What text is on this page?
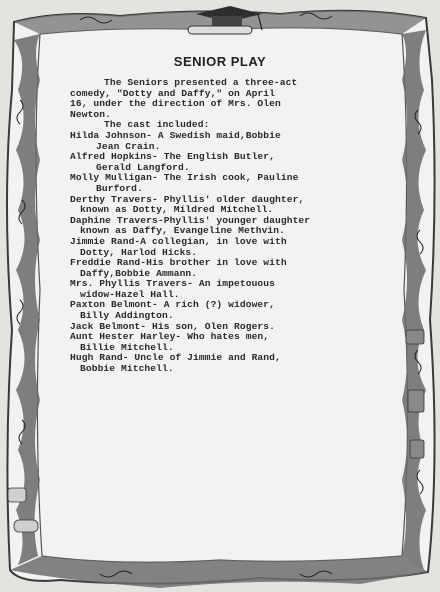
SENIOR PLAY
The Seniors presented a three-act
comedy, "Dotty and Daffy," on April
16, under the direction of Mrs. Olen
Newton.
The cast included:
Hilda Johnson- A Swedish maid,Bobbie
Jean Crain.
Alfred Hopkins- The English Butler,
Gerald Langford.
Molly Mulligan- The Irish cook, Pauline
Burford.
Derthy Travers- Phyllis' older daughter,
known as Dotty, Mildred Mitchell.
Daphine Travers-Phyllis' younger daughter
known as Daffy, Evangeline Methvin.
Jimmie Rand-A collegian, in love with
Dotty, Harlod Hicks.
Freddie Rand-His brother in love with
Daffy,Bobbie Ammann.
Mrs. Phyllis Travers- An impetouous
widow-Hazel Hall.
Paxton Belmont- A rich (?) widower,
Billy Addington.
Jack Belmont- His son, Olen Rogers.
Aunt Hester Harley- Who hates men,
Billie Mitchell.
Hugh Rand- Uncle of Jimmie and Rand,
Bobbie Mitchell.
